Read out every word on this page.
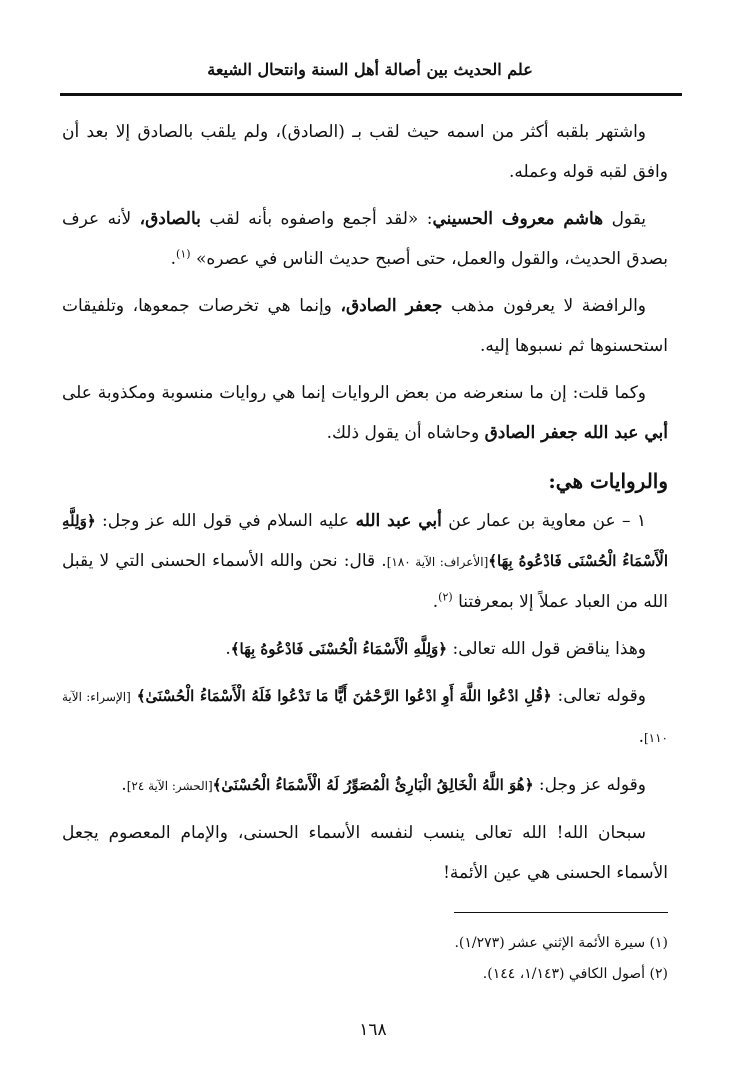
علم الحديث بين أصالة أهل السنة وانتحال الشيعة

واشتهر بلقبه أكثر من اسمه حيث لقب بـ (الصادق)، ولم يلقب بالصادق إلا بعد أن وافق لقبه قوله وعمله.

يقول هاشم معروف الحسيني: «لقد أجمع واصفوه بأنه لقب بالصادق، لأنه عرف بصدق الحديث، والقول والعمل، حتى أصبح حديث الناس في عصره» $^{(١)}$.

والرافضة لا يعرفون مذهب جعفر الصادق، وإنما هي تخرصات جمعوها، وتلفيقات استحسنوها ثم نسبوها إليه.

وكما قلت: إن ما سنعرضه من بعض الروايات إنما هي روايات منسوبة ومكذوبة على أبي عبد الله جعفر الصادق وحاشاه أن يقول ذلك.

والروايات هي:

١ – عن معاوية بن عمار عن أبي عبد الله عليه السلام في قول الله عز وجل: ﴿وَلِلَّهِ الْأَسْمَاءُ الْحُسْنَى فَادْعُوهُ بِهَا﴾[الأعراف: الآية ١٨٠]. قال: نحن والله الأسماء الحسنى التي لا يقبل الله من العباد عملاً إلا بمعرفتنا $^{(٢)}$.

وهذا يناقض قول الله تعالى: ﴿وَلِلَّهِ الْأَسْمَاءُ الْحُسْنَى فَادْعُوهُ بِهَا﴾.

وقوله تعالى: ﴿قُلِ ادْعُوا اللَّهَ أَوِ ادْعُوا الرَّحْمَٰنَ أَيًّا مَا تَدْعُوا فَلَهُ الْأَسْمَاءُ الْحُسْنَىٰ﴾ [الإسراء: الآية ١١٠].

وقوله عز وجل: ﴿هُوَ اللَّهُ الْخَالِقُ الْبَارِئُ الْمُصَوِّرُ لَهُ الْأَسْمَاءُ الْحُسْنَىٰ﴾[الحشر: الآية ٢٤].

سبحان الله! الله تعالى ينسب لنفسه الأسماء الحسنى، والإمام المعصوم يجعل الأسماء الحسنى هي عين الأئمة!

(١) سيرة الأئمة الإثني عشر (١/٢٧٣).

(٢) أصول الكافي (١/١٤٣، ١٤٤).

١٦٨
